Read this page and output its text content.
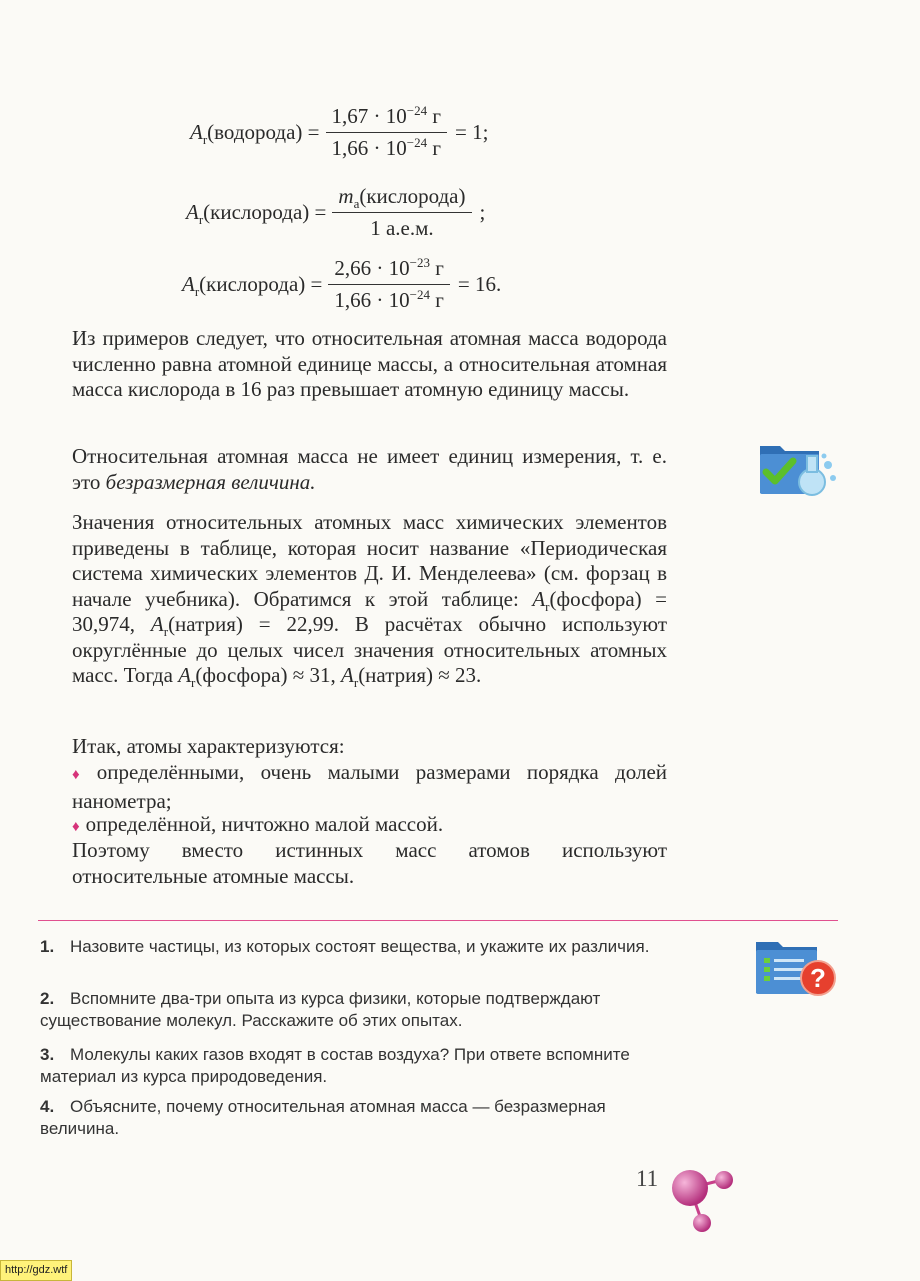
$A_r(водорода) = \frac{1,67 \cdot 10^{-24} г}{1,66 \cdot 10^{-24} г} = 1$;
$A_r(кислорода) = \frac{m_a(кислорода)}{1 а.е.м.}$ ;
$A_r(кислорода) = \frac{2,66 \cdot 10^{-23} г}{1,66 \cdot 10^{-24} г} = 16$.
Из примеров следует, что относительная атомная масса водорода численно равна атомной единице массы, а относительная атомная масса кислорода в 16 раз превышает атомную единицу массы.
Относительная атомная масса не имеет единиц измерения, т. е. это безразмерная величина.
Значения относительных атомных масс химических элементов приведены в таблице, которая носит название «Периодическая система химических элементов Д. И. Менделеева» (см. форзац в начале учебника). Обратимся к этой таблице: $A_r(фосфора) = 30,974$, $A_r(натрия) = 22,99$. В расчётах обычно используют округлённые до целых чисел значения относительных атомных масс. Тогда $A_r(фосфора) \approx 31$, $A_r(натрия) \approx 23$.
Итак, атомы характеризуются:
♦ определёнными, очень малыми размерами порядка долей нанометра;
♦ определённой, ничтожно малой массой.
Поэтому вместо истинных масс атомов используют относительные атомные массы.
1. Назовите частицы, из которых состоят вещества, и укажите их различия.
2. Вспомните два-три опыта из курса физики, которые подтверждают существование молекул. Расскажите об этих опытах.
3. Молекулы каких газов входят в состав воздуха? При ответе вспомните материал из курса природоведения.
4. Объясните, почему относительная атомная масса — безразмерная величина.
?
11
http://gdz.wtf
